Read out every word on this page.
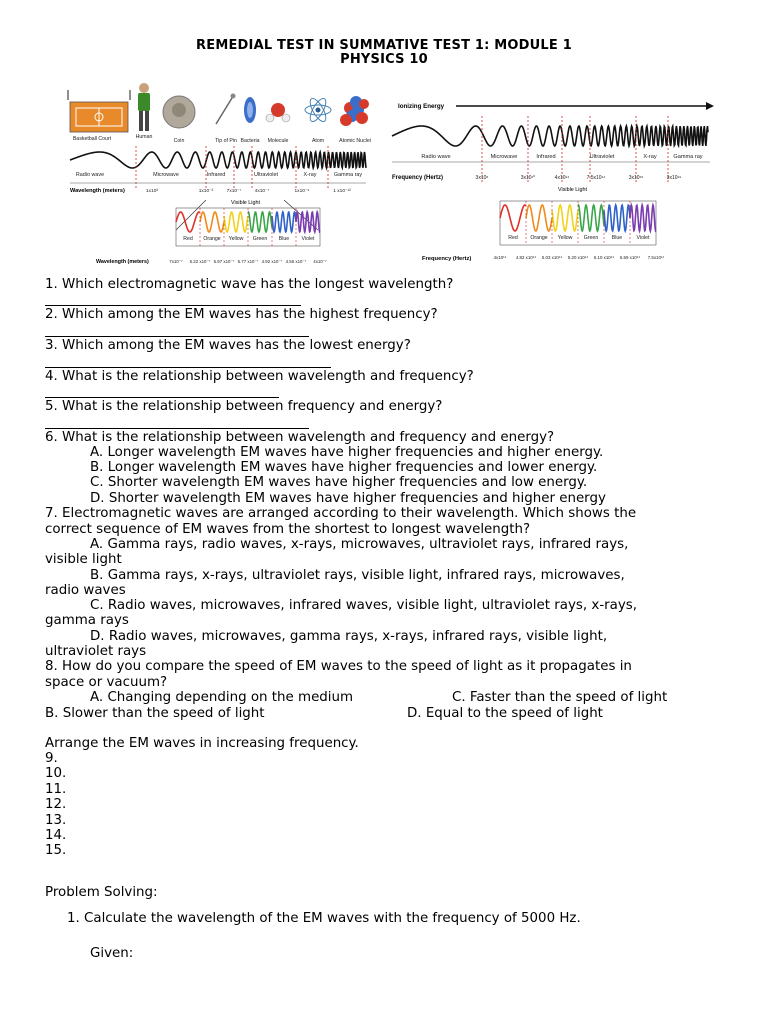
REMEDIAL TEST IN SUMMATIVE TEST 1: MODULE 1
PHYSICS 10
Basketball Court	Human
Coin	Tip of Pin Bacteria Molecule	Atom	Atomic Nuclei
Radio wave	Microwave	Infrared	Ultraviolet	X-ray	Gamma ray
Wavelength (meters)	1x10³	1x10⁻²	7x10⁻⁷	4x10⁻⁷	1x10⁻⁹	1 x10⁻¹²
Visible Light
Red Orange Yellow Green Blue Violet
Wavelength (meters)	7x10⁻⁷ 6.22 x10⁻⁷ 5.97 x10⁻⁷ 5.77 x10⁻⁷ 4.92 x10⁻⁷ 4.55 x10⁻⁷ 4x10⁻⁷
Ionizing Energy
Radio wave	Microwave	Infrared	Ultraviolet	X-ray	Gamma ray
Frequency (Hertz)	3x10⁶	3x10¹⁰	4x10¹⁴	7.5x10¹⁴	3x10¹⁶	3x10¹⁹
Visible Light
Red Orange Yellow Green	Blue	Violet
Frequency (Hertz)	4x10¹⁴ 4.82 x10¹⁴ 5.03 x10¹⁴ 5.20 x10¹⁴ 6.10 x10¹⁴ 6.59 x10¹⁴ 7.5x10¹⁴
1. Which electromagnetic wave has the longest wavelength?
2. Which among the EM waves has the highest frequency?
3. Which among the EM waves has the lowest energy?
4. What is the relationship between wavelength and frequency?
5. What is the relationship between frequency and energy?
6. What is the relationship between wavelength and frequency and energy?
A. Longer wavelength EM waves have higher frequencies and higher energy.
B. Longer wavelength EM waves have higher frequencies and lower energy.
C. Shorter wavelength EM waves have higher frequencies and low energy.
D. Shorter wavelength EM waves have higher frequencies and higher energy
7. Electromagnetic waves are arranged according to their wavelength. Which shows the
correct sequence of EM waves from the shortest to longest wavelength?
A. Gamma rays, radio waves, x-rays, microwaves, ultraviolet rays, infrared rays,
visible light
B. Gamma rays, x-rays, ultraviolet rays, visible light, infrared rays, microwaves,
radio waves
C. Radio waves, microwaves, infrared waves, visible light, ultraviolet rays, x-rays,
gamma rays
D. Radio waves, microwaves, gamma rays, x-rays, infrared rays, visible light,
ultraviolet rays
8. How do you compare the speed of EM waves to the speed of light as it propagates in
space or vacuum?
A. Changing depending on the medium	C. Faster than the speed of light
B. Slower than the speed of light	D. Equal to the speed of light
Arrange the EM waves in increasing frequency.
9.
10.
11.
12.
13.
14.
15.
Problem Solving:
1. Calculate the wavelength of the EM waves with the frequency of 5000 Hz.
Given:
